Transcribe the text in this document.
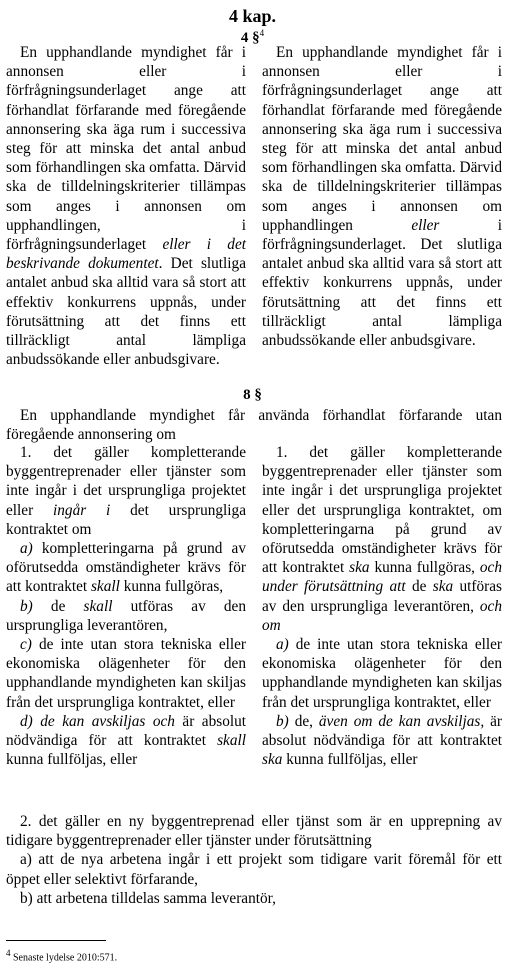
4 kap.
4 §$^4$

En upphandlande myndighet får i annonsen eller i förfrågningsunderlaget ange att förhandlat förfarande med föregående annonsering ska äga rum i successiva steg för att minska det antal anbud som förhandlingen ska omfatta. Därvid ska de tilldelningskriterier tillämpas som anges i annonsen om upphandlingen, i förfrågningsunderlaget eller i det beskrivande dokumentet. Det slutliga antalet anbud ska alltid vara så stort att effektiv konkurrens uppnås, under förutsättning att det finns ett tillräckligt antal lämpliga anbudssökande eller anbudsgivare.

En upphandlande myndighet får i annonsen eller i förfrågningsunderlaget ange att förhandlat förfarande med föregående annonsering ska äga rum i successiva steg för att minska det antal anbud som förhandlingen ska omfatta. Därvid ska de tilldelningskriterier tillämpas som anges i annonsen om upphandlingen eller i förfrågningsunderlaget. Det slutliga antalet anbud ska alltid vara så stort att effektiv konkurrens uppnås, under förutsättning att det finns ett tillräckligt antal lämpliga anbudssökande eller anbudsgivare.

8 §

En upphandlande myndighet får använda förhandlat förfarande utan föregående annonsering om

1. det gäller kompletterande byggentreprenader eller tjänster som inte ingår i det ursprungliga projektet eller ingår i det ursprungliga kontraktet om

a) kompletteringarna på grund av oförutsedda omständigheter krävs för att kontraktet skall kunna fullgöras,

b) de skall utföras av den ursprungliga leverantören,

c) de inte utan stora tekniska eller ekonomiska olägenheter för den upphandlande myndigheten kan skiljas från det ursprungliga kontraktet, eller

d) de kan avskiljas och är absolut nödvändiga för att kontraktet skall kunna fullföljas, eller

1. det gäller kompletterande byggentreprenader eller tjänster som inte ingår i det ursprungliga projektet eller det ursprungliga kontraktet, om kompletteringarna på grund av oförutsedda omständigheter krävs för att kontraktet ska kunna fullgöras, och under förutsättning att de ska utföras av den ursprungliga leverantören, och om

a) de inte utan stora tekniska eller ekonomiska olägenheter för den upphandlande myndigheten kan skiljas från det ursprungliga kontraktet, eller

b) de, även om de kan avskiljas, är absolut nödvändiga för att kontraktet ska kunna fullföljas, eller

2. det gäller en ny byggentreprenad eller tjänst som är en upprepning av tidigare byggentreprenader eller tjänster under förutsättning

a) att de nya arbetena ingår i ett projekt som tidigare varit föremål för ett öppet eller selektivt förfarande,

b) att arbetena tilldelas samma leverantör,

$^4$ Senaste lydelse 2010:571.
